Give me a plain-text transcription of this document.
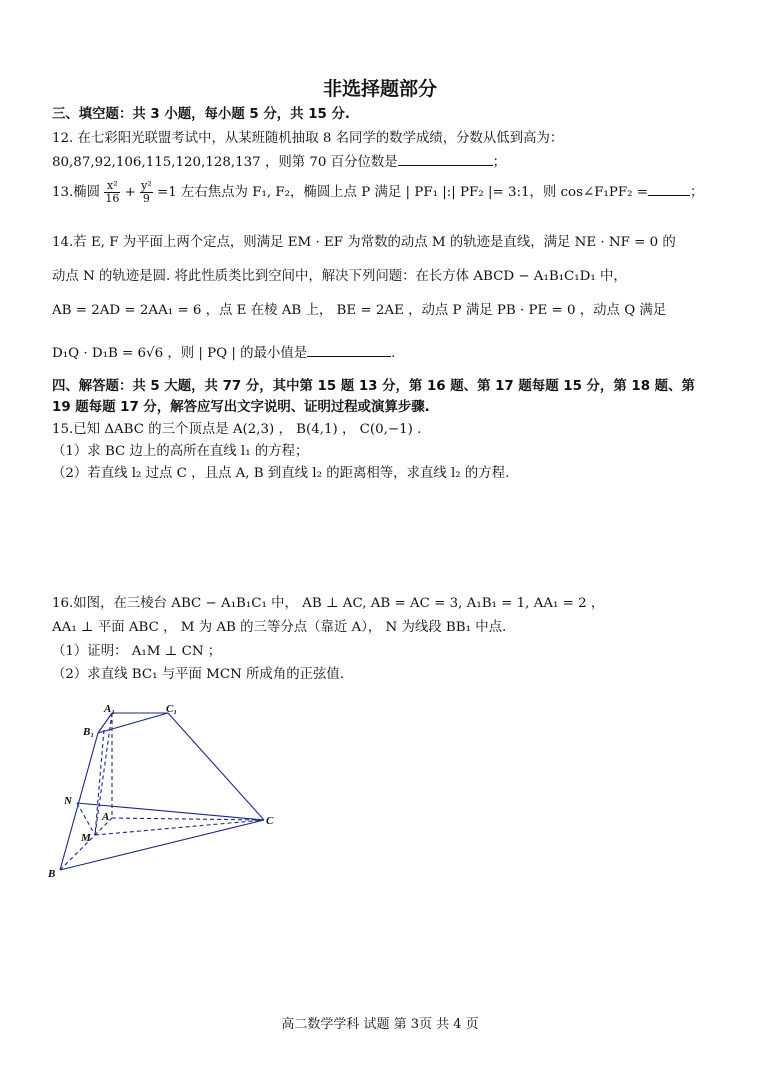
非选择题部分
三、填空题：共 3 小题，每小题 5 分，共 15 分.
12. 在七彩阳光联盟考试中，从某班随机抽取 8 名同学的数学成绩，分数从低到高为：
80,87,92,106,115,120,128,137 ，则第 70 百分位数是	；
13.椭圆 $\frac{\text{x²}}{16} + \frac{\text{y²}}{9} =1$ 左右焦点为 F₁, F₂，椭圆上点 P 满足 | PF₁ |:| PF₂ |= 3:1，则 cos∠F₁PF₂ =	；
14.若 E, F 为平面上两个定点，则满足 EM · EF 为常数的动点 M 的轨迹是直线，满足 NE · NF = 0 的
动点 N 的轨迹是圆. 将此性质类比到空间中，解决下列问题：在长方体 ABCD − A₁B₁C₁D₁ 中，
AB = 2AD = 2AA₁ = 6 ，点 E 在棱 AB 上， BE = 2AE ，动点 P 满足 PB · PE = 0 ，动点 Q 满足
D₁Q · D₁B = 6√6 ，则 | PQ | 的最小值是	.
四、解答题：共 5 大题，共 77 分，其中第 15 题 13 分，第 16 题、第 17 题每题 15 分，第 18 题、第
19 题每题 17 分，解答应写出文字说明、证明过程或演算步骤.
15.已知 ΔABC 的三个顶点是 A(2,3) ， B(4,1) ， C(0,−1) .
（1）求 BC 边上的高所在直线 l₁ 的方程；
（2）若直线 l₂ 过点 C ，且点 A, B 到直线 l₂ 的距离相等，求直线 l₂ 的方程.
16.如图，在三棱台 ABC − A₁B₁C₁ 中， AB ⊥ AC, AB = AC = 3, A₁B₁ = 1, AA₁ = 2 ，
AA₁ ⊥ 平面 ABC ， M 为 AB 的三等分点（靠近 A）， N 为线段 BB₁ 中点.
（1）证明： A₁M ⊥ CN ；
（2）求直线 BC₁ 与平面 MCN 所成角的正弦值.
A₁	C₁
B₁
N
A
M
C
B
高二数学学科 试题 第 3页 共 4 页
